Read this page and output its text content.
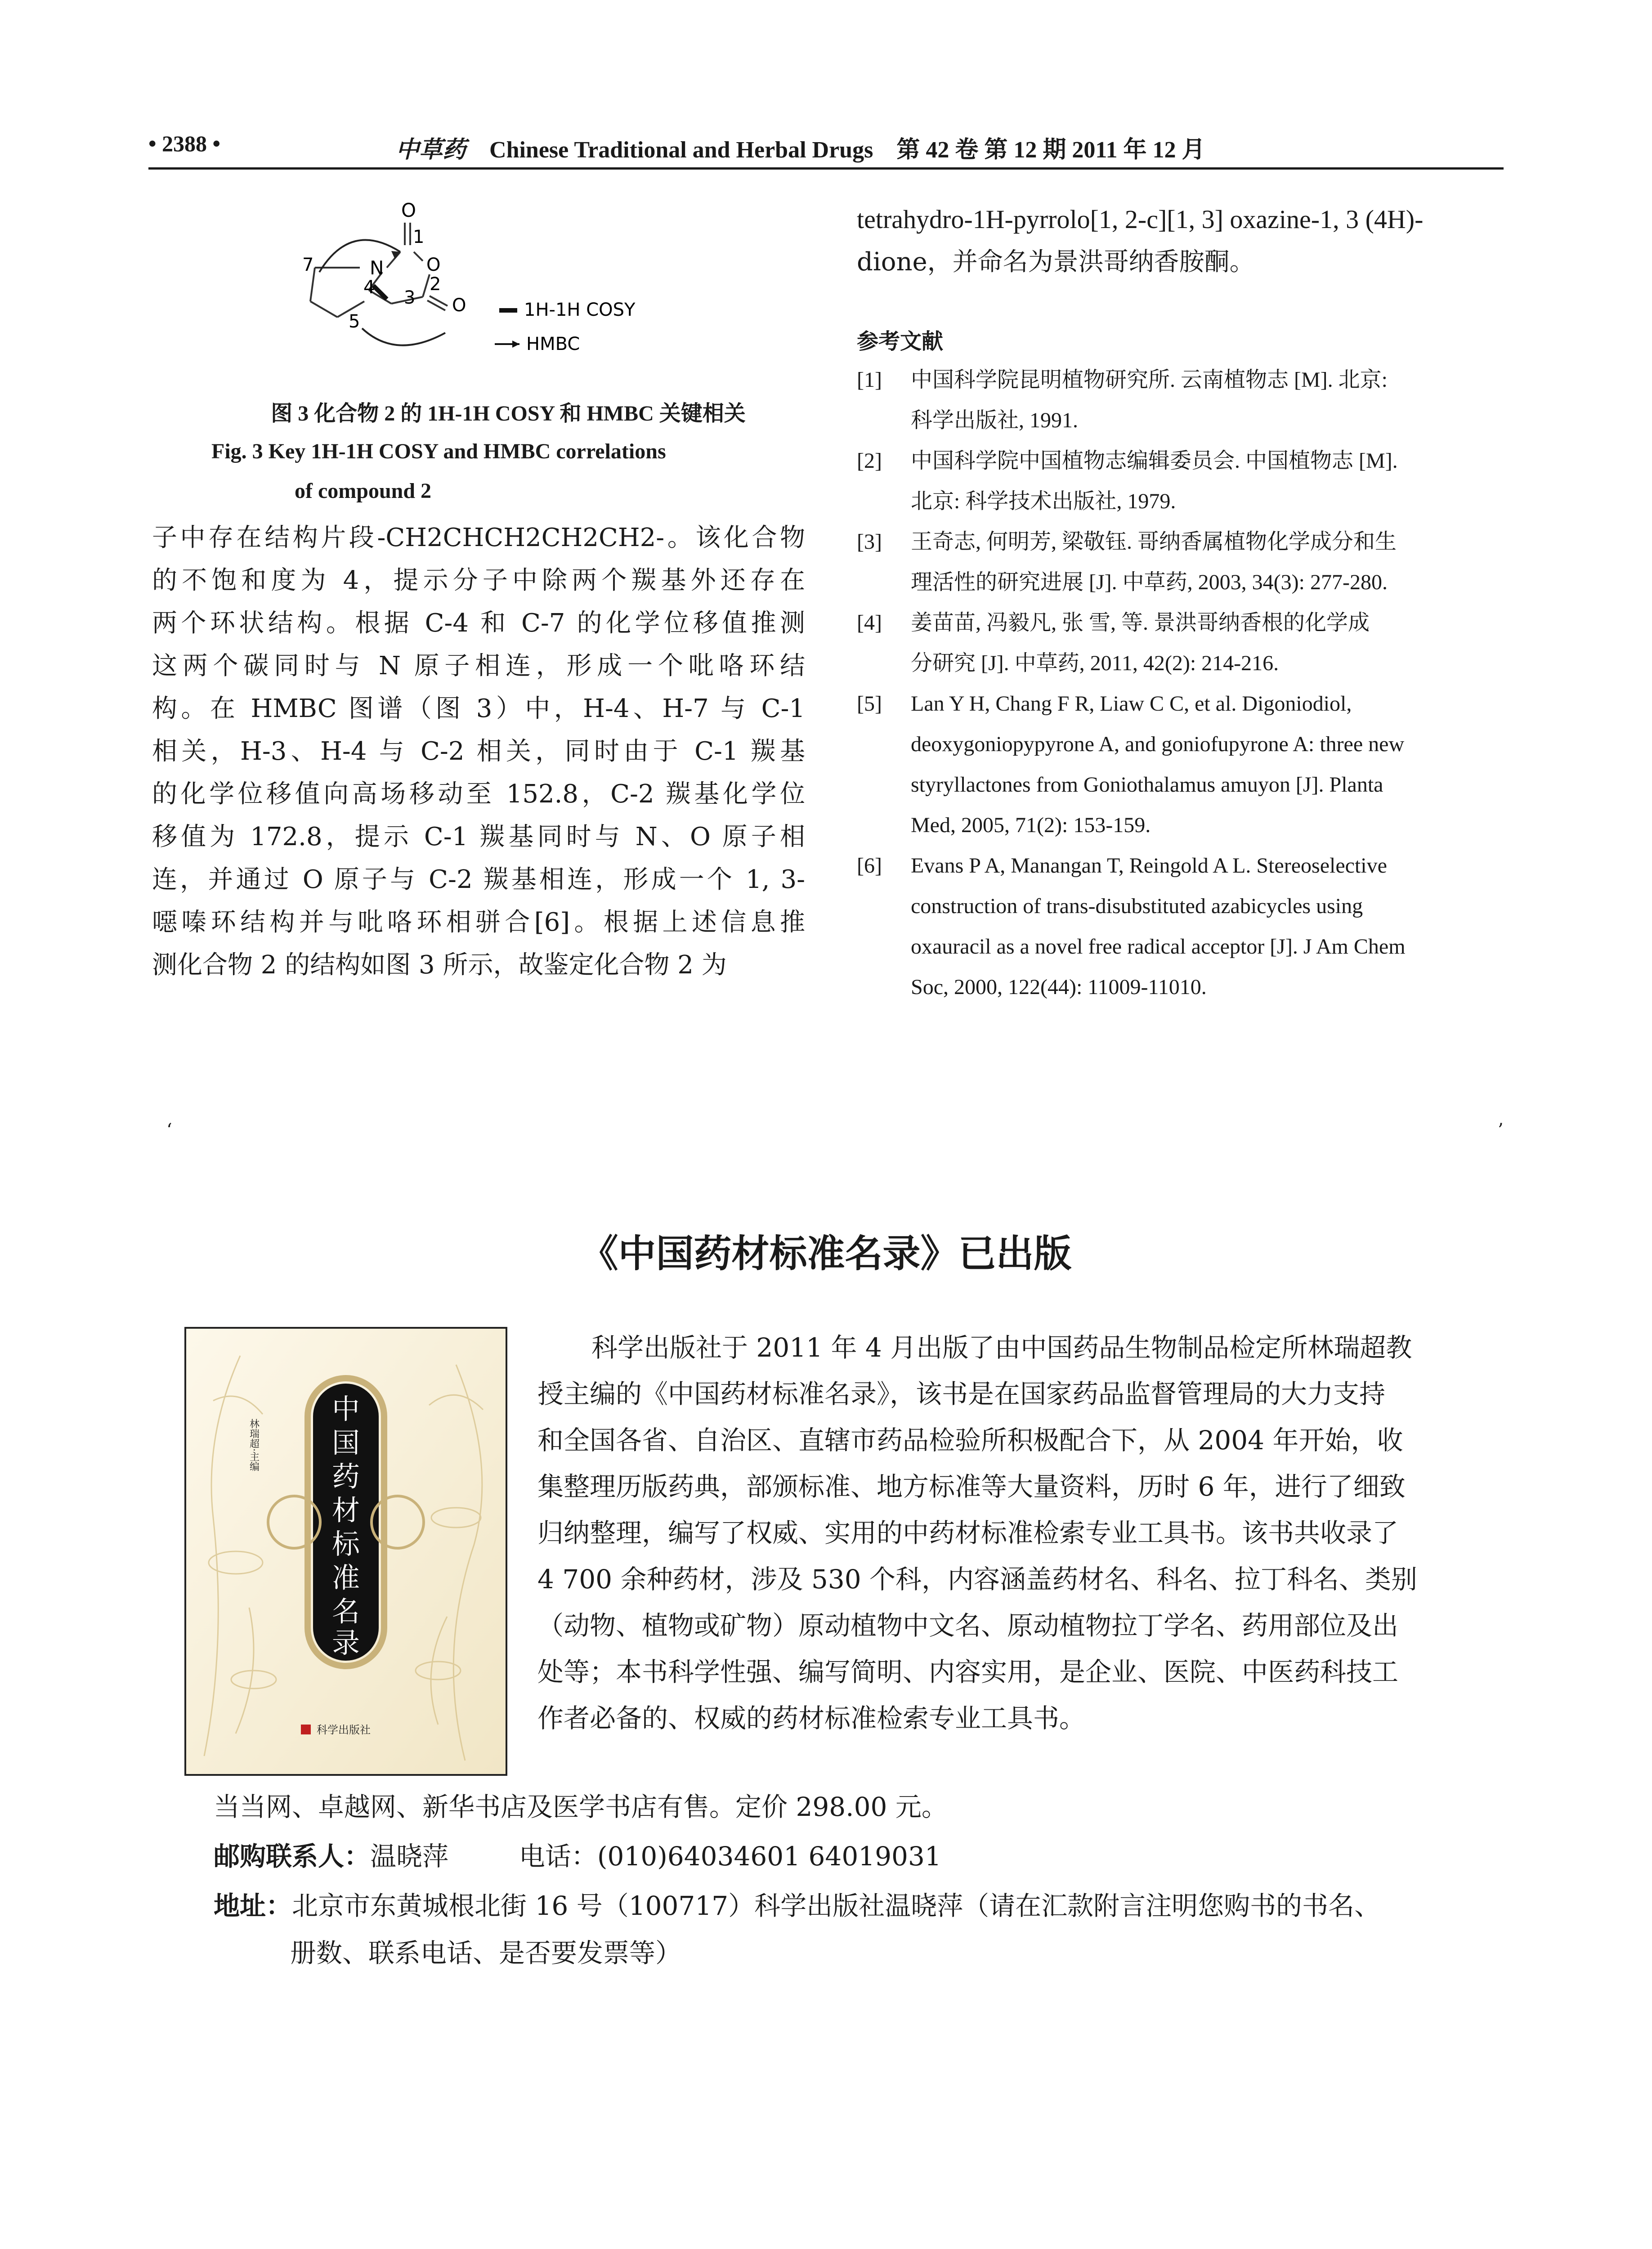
• 2388 •	中草药 Chinese Traditional and Herbal Drugs 第 42 卷 第 12 期 2011 年 12 月
O
1
N O
7
4	2
3 O
5
1H-1H COSY
HMBC
图 3 化合物 2 的 1H-1H COSY 和 HMBC 关键相关
Fig. 3 Key 1H-1H COSY and HMBC correlations
of compound 2
子中存在结构片段-CH2CHCH2CH2CH2-。该化合物
的不饱和度为 4，提示分子中除两个羰基外还存在
两个环状结构。根据 C-4 和 C-7 的化学位移值推测
这两个碳同时与 N 原子相连，形成一个吡咯环结
构。在 HMBC 图谱（图 3）中，H-4、H-7 与 C-1
相关，H-3、H-4 与 C-2 相关，同时由于 C-1 羰基
的化学位移值向高场移动至 152.8，C-2 羰基化学位
移值为 172.8，提示 C-1 羰基同时与 N、O 原子相
连，并通过 O 原子与 C-2 羰基相连，形成一个 1, 3-
噁嗪环结构并与吡咯环相骈合[6]。根据上述信息推
测化合物 2 的结构如图 3 所示，故鉴定化合物 2 为
tetrahydro-1H-pyrrolo[1, 2-c][1, 3] oxazine-1, 3 (4H)-
dione，并命名为景洪哥纳香胺酮。
参考文献
[1] 中国科学院昆明植物研究所. 云南植物志 [M]. 北京:
科学出版社, 1991.
[2] 中国科学院中国植物志编辑委员会. 中国植物志 [M].
北京: 科学技术出版社, 1979.
[3] 王奇志, 何明芳, 梁敬钰. 哥纳香属植物化学成分和生
理活性的研究进展 [J]. 中草药, 2003, 34(3): 277-280.
[4] 姜苗苗, 冯毅凡, 张 雪, 等. 景洪哥纳香根的化学成
分研究 [J]. 中草药, 2011, 42(2): 214-216.
[5] Lan Y H, Chang F R, Liaw C C, et al. Digoniodiol,
deoxygoniopypyrone A, and goniofupyrone A: three new
styryllactones from Goniothalamus amuyon [J]. Planta
Med, 2005, 71(2): 153-159.
[6] Evans P A, Manangan T, Reingold A L. Stereoselective
construction of trans-disubstituted azabicycles using
oxauracil as a novel free radical acceptor [J]. J Am Chem
Soc, 2000, 122(44): 11009-11010.
‘	’
《中国药材标准名录》已出版
中
国
药
材
标
准
名
录
林瑞超·主编
科学出版社
科学出版社于 2011 年 4 月出版了由中国药品生物制品检定所林瑞超教
授主编的《中国药材标准名录》，该书是在国家药品监督管理局的大力支持
和全国各省、自治区、直辖市药品检验所积极配合下，从 2004 年开始，收
集整理历版药典，部颁标准、地方标准等大量资料，历时 6 年，进行了细致
归纳整理，编写了权威、实用的中药材标准检索专业工具书。该书共收录了
4 700 余种药材，涉及 530 个科，内容涵盖药材名、科名、拉丁科名、类别
（动物、植物或矿物）原动植物中文名、原动植物拉丁学名、药用部位及出
处等；本书科学性强、编写简明、内容实用，是企业、医院、中医药科技工
作者必备的、权威的药材标准检索专业工具书。
当当网、卓越网、新华书店及医学书店有售。定价 298.00 元。
邮购联系人：温晓萍	电话：(010)64034601 64019031
地址：北京市东黄城根北街 16 号（100717）科学出版社温晓萍（请在汇款附言注明您购书的书名、
册数、联系电话、是否要发票等）
